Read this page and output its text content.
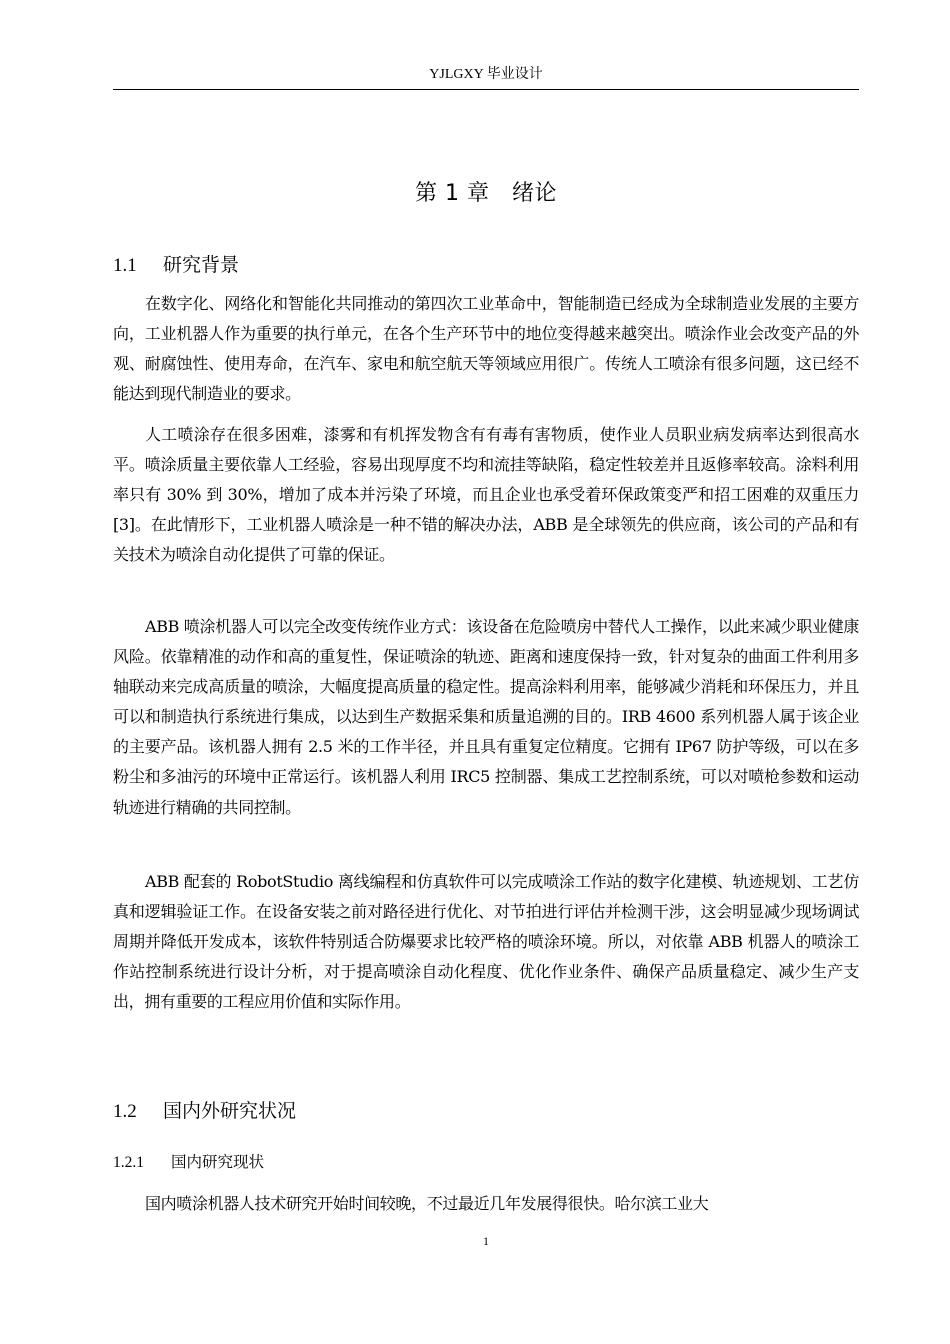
YJLGXY 毕业设计
第 1 章　绪论
1.1 研究背景
在数字化、网络化和智能化共同推动的第四次工业革命中，智能制造已经成为全球制造业发展的主要方向，工业机器人作为重要的执行单元，在各个生产环节中的地位变得越来越突出。喷涂作业会改变产品的外观、耐腐蚀性、使用寿命，在汽车、家电和航空航天等领域应用很广。传统人工喷涂有很多问题，这已经不能达到现代制造业的要求。
人工喷涂存在很多困难，漆雾和有机挥发物含有有毒有害物质，使作业人员职业病发病率达到很高水平。喷涂质量主要依靠人工经验，容易出现厚度不均和流挂等缺陷，稳定性较差并且返修率较高。涂料利用率只有 30% 到 30%，增加了成本并污染了环境，而且企业也承受着环保政策变严和招工困难的双重压力[3]。在此情形下，工业机器人喷涂是一种不错的解决办法，ABB 是全球领先的供应商，该公司的产品和有关技术为喷涂自动化提供了可靠的保证。
ABB 喷涂机器人可以完全改变传统作业方式：该设备在危险喷房中替代人工操作，以此来减少职业健康风险。依靠精准的动作和高的重复性，保证喷涂的轨迹、距离和速度保持一致，针对复杂的曲面工件利用多轴联动来完成高质量的喷涂，大幅度提高质量的稳定性。提高涂料利用率，能够减少消耗和环保压力，并且可以和制造执行系统进行集成，以达到生产数据采集和质量追溯的目的。IRB 4600 系列机器人属于该企业的主要产品。该机器人拥有 2.5 米的工作半径，并且具有重复定位精度。它拥有 IP67 防护等级，可以在多粉尘和多油污的环境中正常运行。该机器人利用 IRC5 控制器、集成工艺控制系统，可以对喷枪参数和运动轨迹进行精确的共同控制。
ABB 配套的 RobotStudio 离线编程和仿真软件可以完成喷涂工作站的数字化建模、轨迹规划、工艺仿真和逻辑验证工作。在设备安装之前对路径进行优化、对节拍进行评估并检测干涉，这会明显减少现场调试周期并降低开发成本，该软件特别适合防爆要求比较严格的喷涂环境。所以，对依靠 ABB 机器人的喷涂工作站控制系统进行设计分析，对于提高喷涂自动化程度、优化作业条件、确保产品质量稳定、减少生产支出，拥有重要的工程应用价值和实际作用。
1.2 国内外研究状况
1.2.1 国内研究现状
国内喷涂机器人技术研究开始时间较晚，不过最近几年发展得很快。哈尔滨工业大
1
